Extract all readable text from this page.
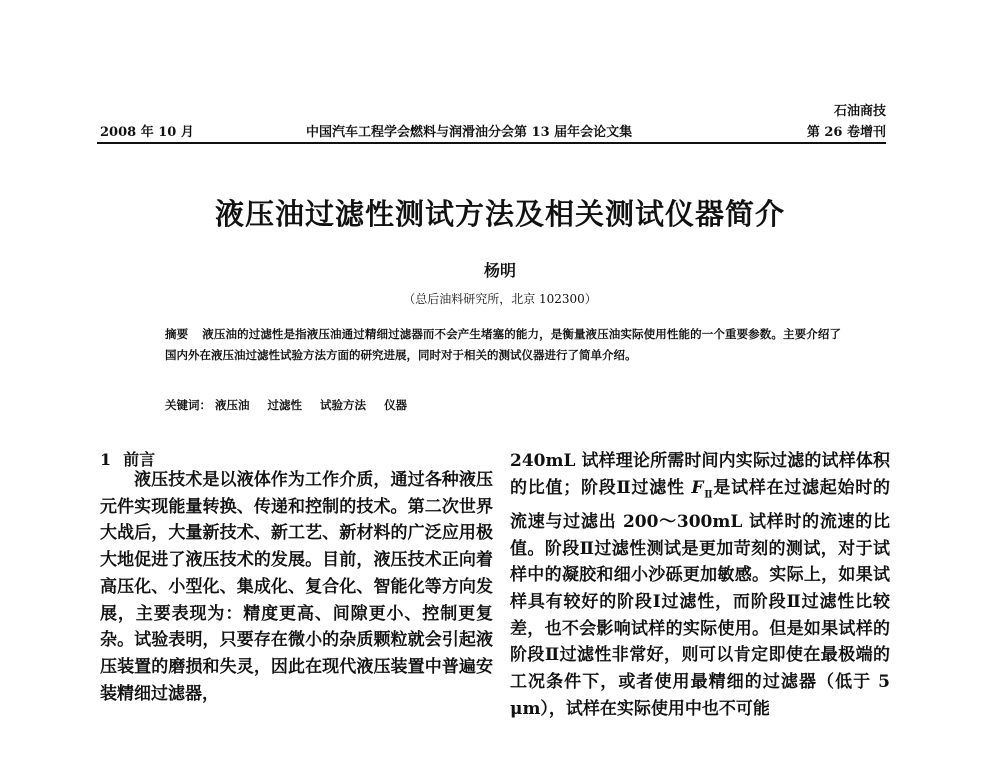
2008 年 10 月	中国汽车工程学会燃料与润滑油分会第 13 届年会论文集
石油商技
第 26 卷增刊
液压油过滤性测试方法及相关测试仪器简介
杨明
（总后油料研究所，北京 102300）
摘要 液压油的过滤性是指液压油通过精细过滤器而不会产生堵塞的能力，是衡量液压油实际使用性能的一个重要参数。主要介绍了国内外在液压油过滤性试验方法方面的研究进展，同时对于相关的测试仪器进行了简单介绍。
关键词： 液压油 过滤性 试验方法 仪器
1 前言
液压技术是以液体作为工作介质，通过各种液压元件实现能量转换、传递和控制的技术。第二次世界大战后，大量新技术、新工艺、新材料的广泛应用极大地促进了液压技术的发展。目前，液压技术正向着高压化、小型化、集成化、复合化、智能化等方向发展，主要表现为：精度更高、间隙更小、控制更复杂。试验表明，只要存在微小的杂质颗粒就会引起液压装置的磨损和失灵，因此在现代液压装置中普遍安装精细过滤器，
240mL 试样理论所需时间内实际过滤的试样体积的比值；阶段Ⅱ过滤性 $F_Ⅱ$是试样在过滤起始时的流速与过滤出 200～300mL 试样时的流速的比值。阶段Ⅱ过滤性测试是更加苛刻的测试，对于试样中的凝胶和细小沙砾更加敏感。实际上，如果试样具有较好的阶段Ⅰ过滤性，而阶段Ⅱ过滤性比较差，也不会影响试样的实际使用。但是如果试样的阶段Ⅱ过滤性非常好，则可以肯定即使在最极端的工况条件下，或者使用最精细的过滤器（低于 5 μm），试样在实际使用中也不可能
